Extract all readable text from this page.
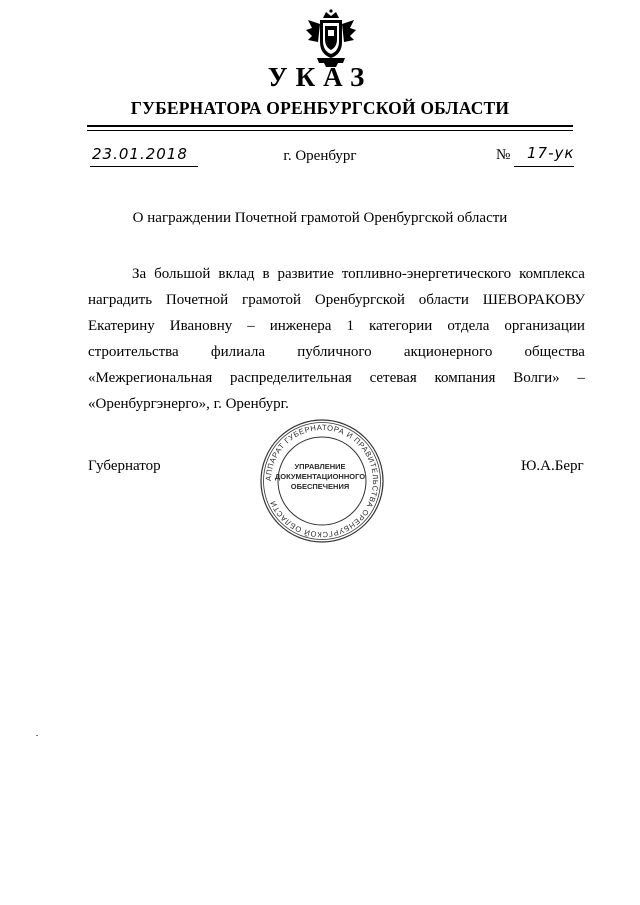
УКАЗ
ГУБЕРНАТОРА ОРЕНБУРГСКОЙ ОБЛАСТИ
23.01.2018	г. Оренбург	№ 17-ук
О награждении Почетной грамотой Оренбургской области
За большой вклад в развитие топливно-энергетического комплекса
наградить Почетной грамотой Оренбургской области ШЕВОРАКОВУ
Екатерину Ивановну – инженера 1 категории отдела организации
строительства филиала публичного акционерного общества
«Межрегиональная распределительная сетевая компания Волги» –
«Оренбургэнерго», г. Оренбург.
Губернатор	Ю.А.Берг
АППАРАТ ГУБЕРНАТОРА И ПРАВИТЕЛЬСТВА ОРЕНБУРГСКОЙ ОБЛАСТИ
УПРАВЛЕНИЕ
ДОКУМЕНТАЦИОННОГО
ОБЕСПЕЧЕНИЯ
